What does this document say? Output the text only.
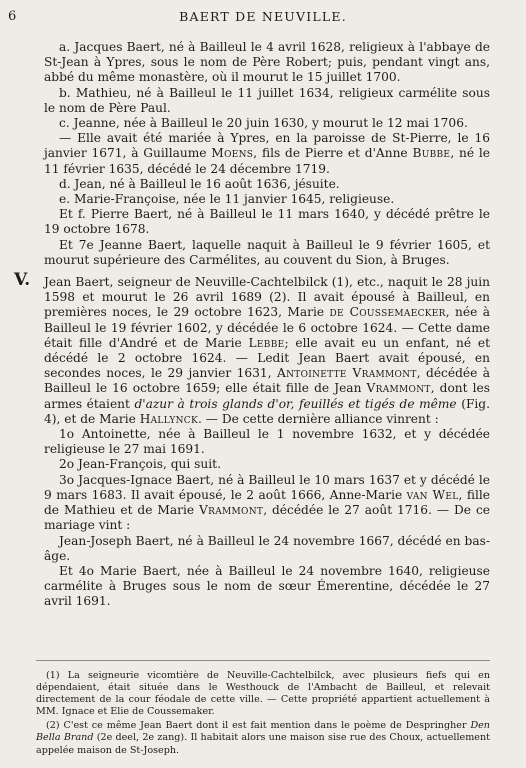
6	BAERT DE NEUVILLE.

a. Jacques Baert, né à Bailleul le 4 avril 1628, religieux à l'abbaye de St-Jean à Ypres, sous le nom de Père Robert; puis, pendant vingt ans, abbé du même monastère, où il mourut le 15 juillet 1700.

b. Mathieu, né à Bailleul le 11 juillet 1634, religieux carmélite sous le nom de Père Paul.

c. Jeanne, née à Bailleul le 20 juin 1630, y mourut le 12 mai 1706.

— Elle avait été mariée à Ypres, en la paroisse de St-Pierre, le 16 janvier 1671, à Guillaume Moens, fils de Pierre et d'Anne Bubbe, né le 11 février 1635, décédé le 24 décembre 1719.

d. Jean, né à Bailleul le 16 août 1636, jésuite.

e. Marie-Françoise, née le 11 janvier 1645, religieuse.

Et f. Pierre Baert, né à Bailleul le 11 mars 1640, y décédé prêtre le 19 octobre 1678.

Et 7e Jeanne Baert, laquelle naquit à Bailleul le 9 février 1605, et mourut supérieure des Carmélites, au couvent du Sion, à Bruges.

V. Jean Baert, seigneur de Neuville-Cachtelbilck (1), etc., naquit le 28 juin 1598 et mourut le 26 avril 1689 (2). Il avait épousé à Bailleul, en premières noces, le 29 octobre 1623, Marie de Coussemaecker, née à Bailleul le 19 février 1602, y décédée le 6 octobre 1624. — Cette dame était fille d'André et de Marie Lebbe; elle avait eu un enfant, né et décédé le 2 octobre 1624. — Ledit Jean Baert avait épousé, en secondes noces, le 29 janvier 1631, Antoinette Vrammont, décédée à Bailleul le 16 octobre 1659; elle était fille de Jean Vrammont, dont les armes étaient d'azur à trois glands d'or, feuillés et tigés de même (Fig. 4), et de Marie Hallynck. — De cette dernière alliance vinrent :

1o Antoinette, née à Bailleul le 1 novembre 1632, et y décédée religieuse le 27 mai 1691.

2o Jean-François, qui suit.

3o Jacques-Ignace Baert, né à Bailleul le 10 mars 1637 et y décédé le 9 mars 1683. Il avait épousé, le 2 août 1666, Anne-Marie van Wel, fille de Mathieu et de Marie Vrammont, décédée le 27 août 1716. — De ce mariage vint :

Jean-Joseph Baert, né à Bailleul le 24 novembre 1667, décédé en bas-âge.

Et 4o Marie Baert, née à Bailleul le 24 novembre 1640, religieuse carmélite à Bruges sous le nom de sœur Émerentine, décédée le 27 avril 1691.

(1) La seigneurie vicomtière de Neuville-Cachtelbilck, avec plusieurs fiefs qui en dépendaient, était située dans le Westhouck de l'Ambacht de Bailleul, et relevait directement de la cour féodale de cette ville. — Cette propriété appartient actuellement à MM. Ignace et Elie de Coussemaker.

(2) C'est ce même Jean Baert dont il est fait mention dans le poème de Despringher Den Bella Brand (2e deel, 2e zang). Il habitait alors une maison sise rue des Choux, actuellement appelée maison de St-Joseph.
